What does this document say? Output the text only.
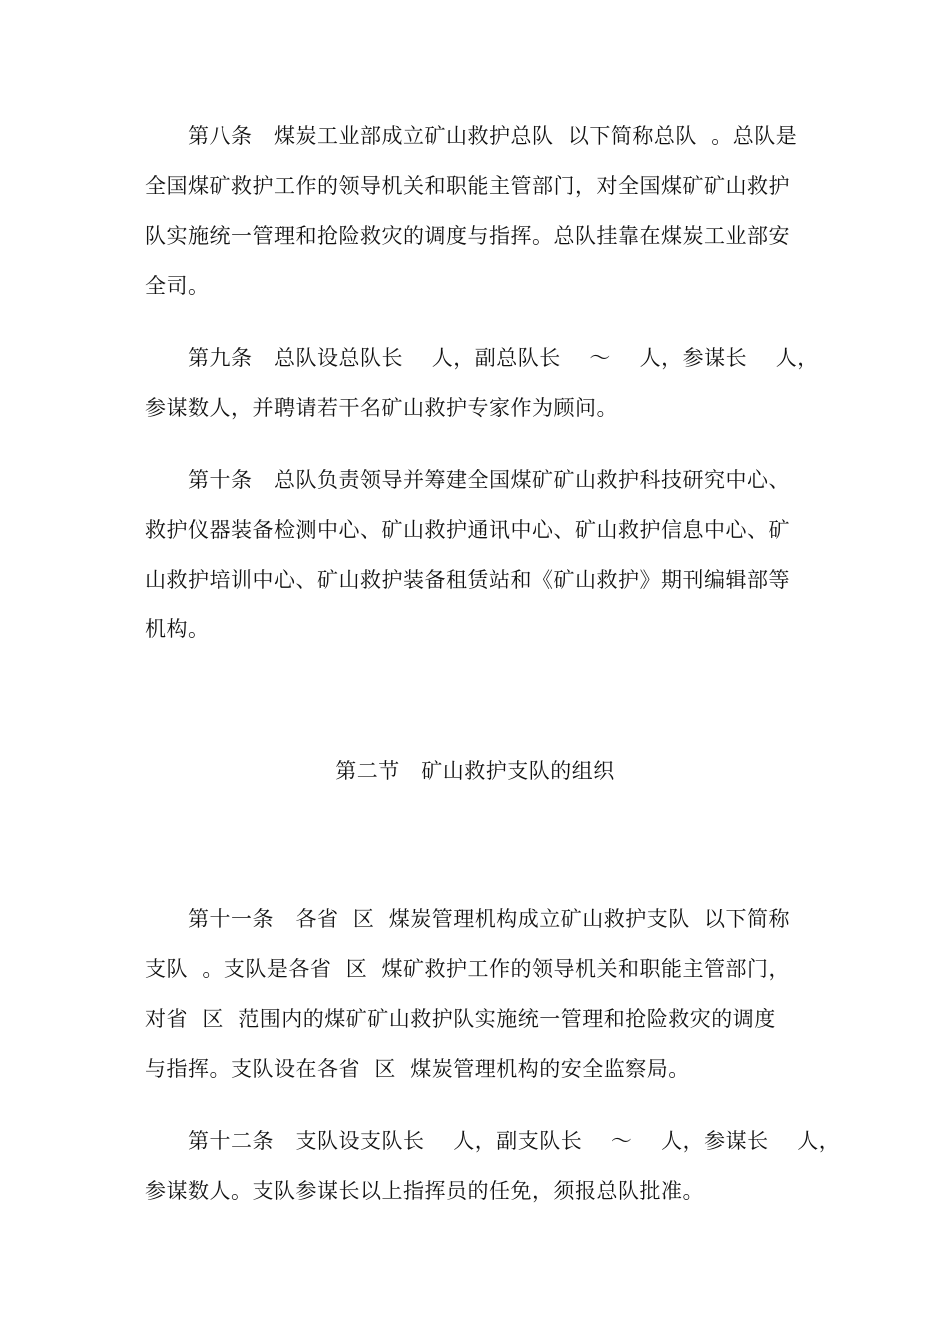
第八条　煤炭工业部成立矿山救护总队  以下简称总队  。总队是
全国煤矿救护工作的领导机关和职能主管部门，对全国煤矿矿山救护
队实施统一管理和抢险救灾的调度与指挥。总队挂靠在煤炭工业部安
全司。
第九条　总队设总队长    人，副总队长    ～    人，参谋长    人，
参谋数人，并聘请若干名矿山救护专家作为顾问。
第十条　总队负责领导并筹建全国煤矿矿山救护科技研究中心、
救护仪器装备检测中心、矿山救护通讯中心、矿山救护信息中心、矿
山救护培训中心、矿山救护装备租赁站和《矿山救护》期刊编辑部等
机构。
第二节　矿山救护支队的组织
第十一条　各省  区  煤炭管理机构成立矿山救护支队  以下简称
支队  。支队是各省  区  煤矿救护工作的领导机关和职能主管部门，
对省  区  范围内的煤矿矿山救护队实施统一管理和抢险救灾的调度
与指挥。支队设在各省  区  煤炭管理机构的安全监察局。
第十二条　支队设支队长    人，副支队长    ～    人，参谋长    人，
参谋数人。支队参谋长以上指挥员的任免，须报总队批准。
